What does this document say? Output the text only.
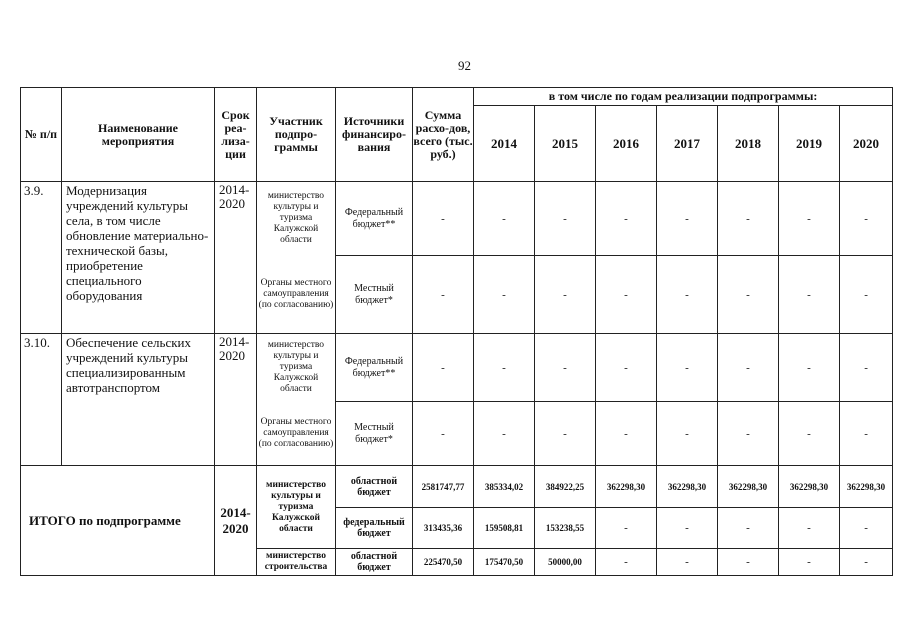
92
№ п/п	Наименование мероприятия	Срок реа-лиза-ции	Участник подпро-граммы	Источники финансиро-вания	Сумма расхо-дов, всего (тыс. руб.)	в том числе по годам реализации подпрограммы:						
						2014	2015	2016	2017	2018	2019	2020
3.9.	Модернизация учреждений культуры села, в том числе обновление материально-технической базы, приобретение специального оборудования	2014-2020	министерство культуры и туризма Калужской области	Федеральный бюджет**	-	-	-	-	-	-	-	-
			Органы местного самоуправления (по согласованию)	Местный бюджет*	-	-	-	-	-	-	-	-
3.10.	Обеспечение сельских учреждений культуры специализированным автотранспортом	2014-2020	министерство культуры и туризма Калужской области	Федеральный бюджет**	-	-	-	-	-	-	-	-
			Органы местного самоуправления (по согласованию)	Местный бюджет*	-	-	-	-	-	-	-	-
ИТОГО по подпрограмме		2014-2020	министерство культуры и туризма Калужской области	областной бюджет	2581747,77	385334,02	384922,25	362298,30	362298,30	362298,30	362298,30	362298,30
				федеральный бюджет	313435,36	159508,81	153238,55	-	-	-	-	-
			министерство строительства	областной бюджет	225470,50	175470,50	50000,00	-	-	-	-	-
